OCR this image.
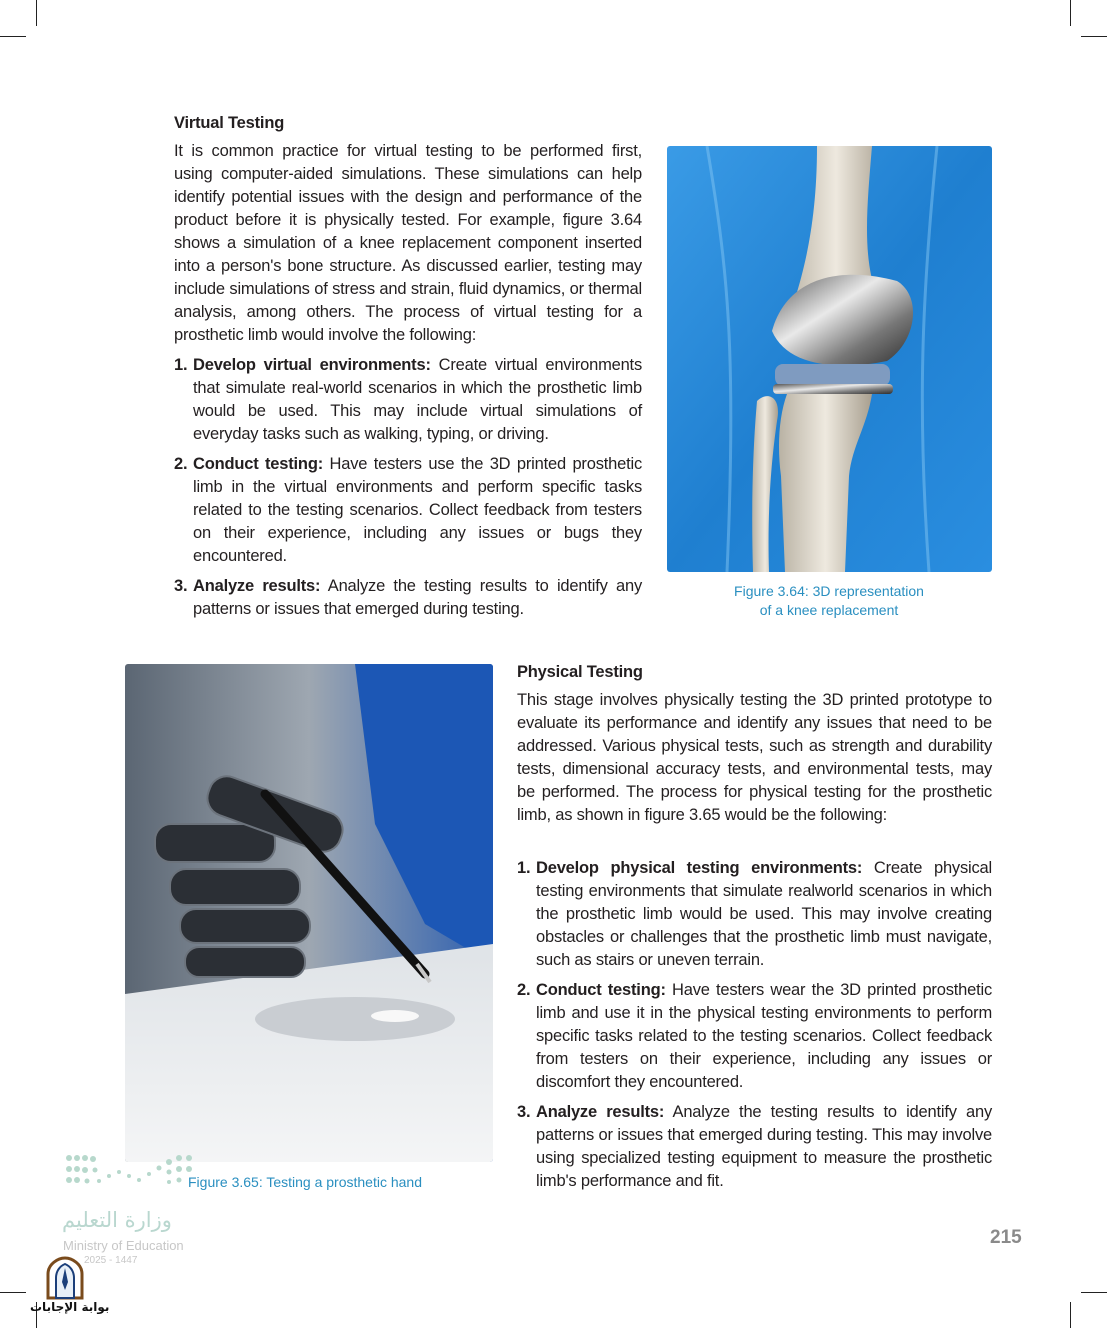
Virtual Testing
It is common practice for virtual testing to be performed first, using computer-aided simulations. These simulations can help identify potential issues with the design and performance of the product before it is physically tested. For example, figure 3.64 shows a simulation of a knee replacement component inserted into a person's bone structure. As discussed earlier, testing may include simulations of stress and strain, fluid dynamics, or thermal analysis, among others. The process of virtual testing for a prosthetic limb would involve the following:
1. Develop virtual environments: Create virtual environments that simulate real-world scenarios in which the prosthetic limb would be used. This may include virtual simulations of everyday tasks such as walking, typing, or driving.
2. Conduct testing: Have testers use the 3D printed prosthetic limb in the virtual environments and perform specific tasks related to the testing scenarios. Collect feedback from testers on their experience, including any issues or bugs they encountered.
3. Analyze results: Analyze the testing results to identify any patterns or issues that emerged during testing.
Figure 3.64: 3D representation
of a knee replacement
Figure 3.65: Testing a prosthetic hand
Physical Testing
This stage involves physically testing the 3D printed prototype to evaluate its performance and identify any issues that need to be addressed. Various physical tests, such as strength and durability tests, dimensional accuracy tests, and environmental tests, may be performed. The process for physical testing for the prosthetic limb, as shown in figure 3.65 would be the following:
1. Develop physical testing environments: Create physical testing environments that simulate realworld scenarios in which the prosthetic limb would be used. This may involve creating obstacles or challenges that the prosthetic limb must navigate, such as stairs or uneven terrain.
2. Conduct testing: Have testers wear the 3D printed prosthetic limb and use it in the physical testing environments to perform specific tasks related to the testing scenarios. Collect feedback from testers on their experience, including any issues or discomfort they encountered.
3. Analyze results: Analyze the testing results to identify any patterns or issues that emerged during testing. This may involve using specialized testing equipment to measure the prosthetic limb's performance and fit.
وزارة التعليم
Ministry of Education
2025 - 1447
215
بوابة الإجابات
